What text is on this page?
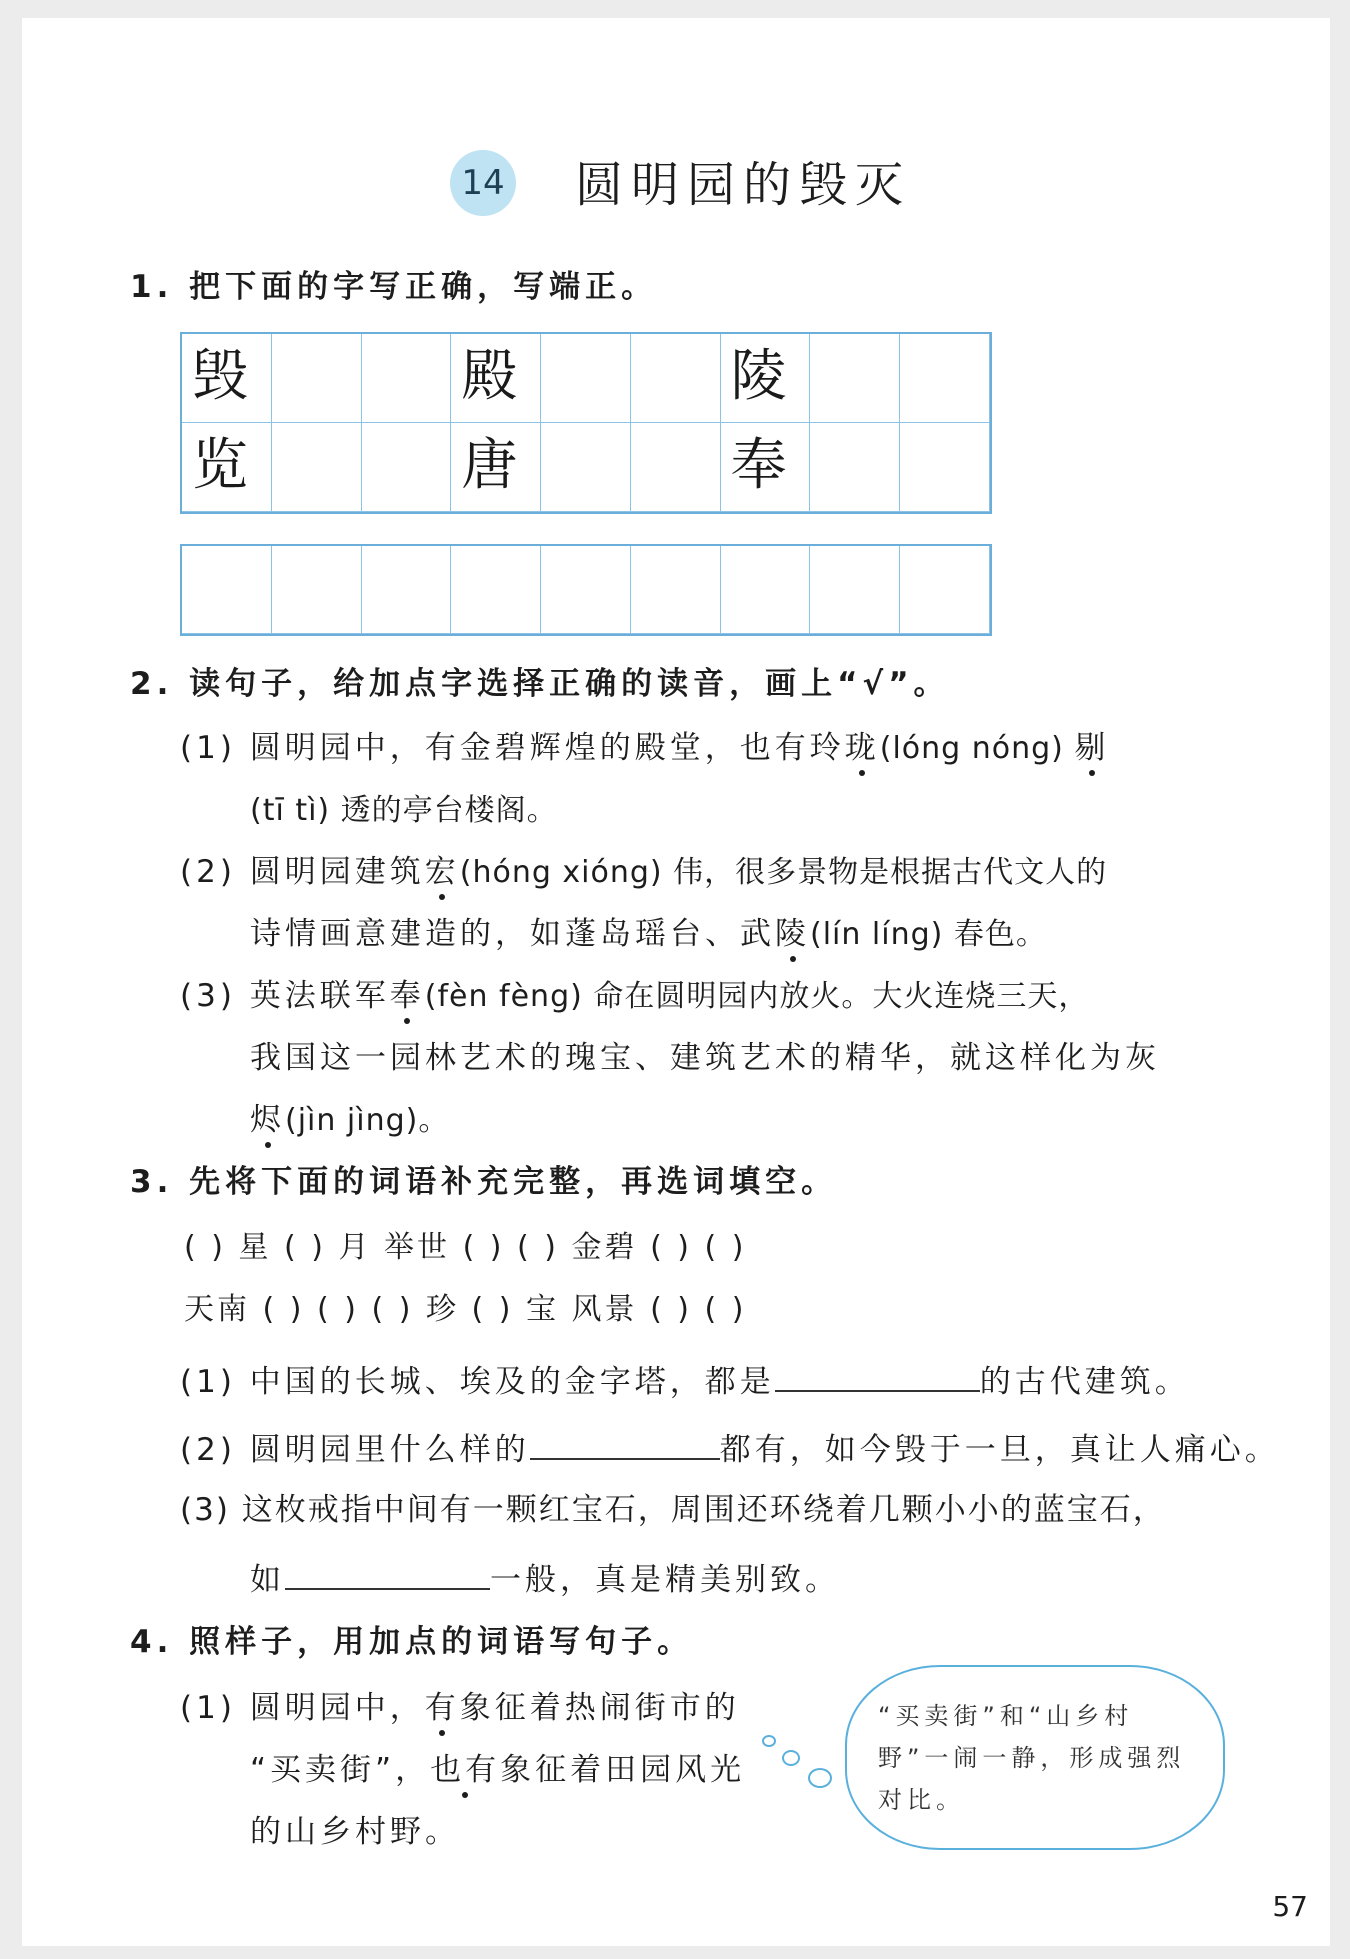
14 圆明园的毁灭
1. 把下面的字写正确，写端正。
毁	殿	陵
览	唐	奉
2. 读句子，给加点字选择正确的读音，画上“√”。
(1) 圆明园中，有金碧辉煌的殿堂，也有玲珑(lóng nóng) 剔
(tī tì) 透的亭台楼阁。
(2) 圆明园建筑宏(hóng xióng) 伟，很多景物是根据古代文人的
诗情画意建造的，如蓬岛瑶台、武陵(lín líng) 春色。
(3) 英法联军奉(fèn fèng) 命在圆明园内放火。大火连烧三天，
我国这一园林艺术的瑰宝、建筑艺术的精华，就这样化为灰
烬(jìn jìng)。
3. 先将下面的词语补充完整，再选词填空。
( ) 星 ( ) 月 举世 ( ) ( ) 金碧 ( ) ( )
天南 ( ) ( ) ( ) 珍 ( ) 宝 风景 ( ) ( )
(1) 中国的长城、埃及的金字塔，都是	的古代建筑。
(2) 圆明园里什么样的	都有，如今毁于一旦，真让人痛心。
(3) 这枚戒指中间有一颗红宝石，周围还环绕着几颗小小的蓝宝石，
如	一般，真是精美别致。
4. 照样子，用加点的词语写句子。
(1) 圆明园中，有象征着热闹街市的
“买卖街”，也有象征着田园风光
的山乡村野。
“买卖街”和“山乡村野”一闹一静，形成强烈对比。
57
